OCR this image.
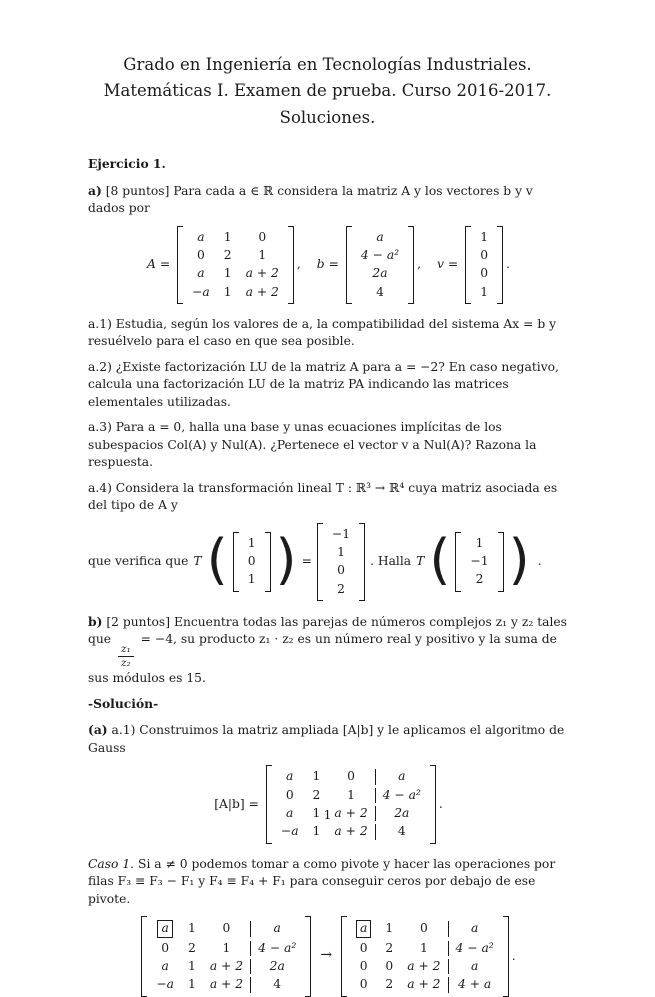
Grado en Ingeniería en Tecnologías Industriales.
Matemáticas I. Examen de prueba. Curso 2016-2017.
Soluciones.

Ejercicio 1.

a) [8 puntos] Para cada a ∈ ℝ considera la matriz A y los vectores b y v dados por

A =
a	1	0
0	2	1
a	1	a + 2
−a	1	a + 2
, b =
a
4 − a²
2a
4
, v =
1
0
0
1
.

a.1) Estudia, según los valores de a, la compatibilidad del sistema Ax = b y resuélvelo para el caso en que sea posible.

a.2) ¿Existe factorización LU de la matriz A para a = −2? En caso negativo, calcula una factorización LU de la matriz PA indicando las matrices elementales utilizadas.

a.3) Para a = 0, halla una base y unas ecuaciones implícitas de los subespacios Col(A) y Nul(A). ¿Pertenece el vector v a Nul(A)? Razona la respuesta.

a.4) Considera la transformación lineal T : ℝ³ → ℝ⁴ cuya matriz asociada es del tipo de A y

que verifica que T (	1
0
1 ) =
−1
1
0
2
. Halla T (	1
−1
2 ) .

b) [2 puntos] Encuentra todas las parejas de números complejos z₁ y z₂ tales que
$\frac{\text{z₁}}{\text{z₂}}$
= −4, su producto z₁ · z₂ es un número real y positivo y la suma de sus módulos es 15.

-Solución-

(a) a.1) Construimos la matriz ampliada [A|b] y le aplicamos el algoritmo de Gauss

[A|b] =
a	1	0	a
0	2	1	4 − a²
a	1	a + 2	2a
−a	1	a + 2	4
.

Caso 1. Si a ≠ 0 podemos tomar a como pivote y hacer las operaciones por filas F₃ ≡ F₃ − F₁ y F₄ ≡ F₄ + F₁ para conseguir ceros por debajo de ese pivote.

a	1	0	a
0	2	1	4 − a²
a	1	a + 2	2a
−a	1	a + 2	4
→
a	1	0	a
0	2	1	4 − a²
0	0	a + 2	a
0	2	a + 2	4 + a
.
1
